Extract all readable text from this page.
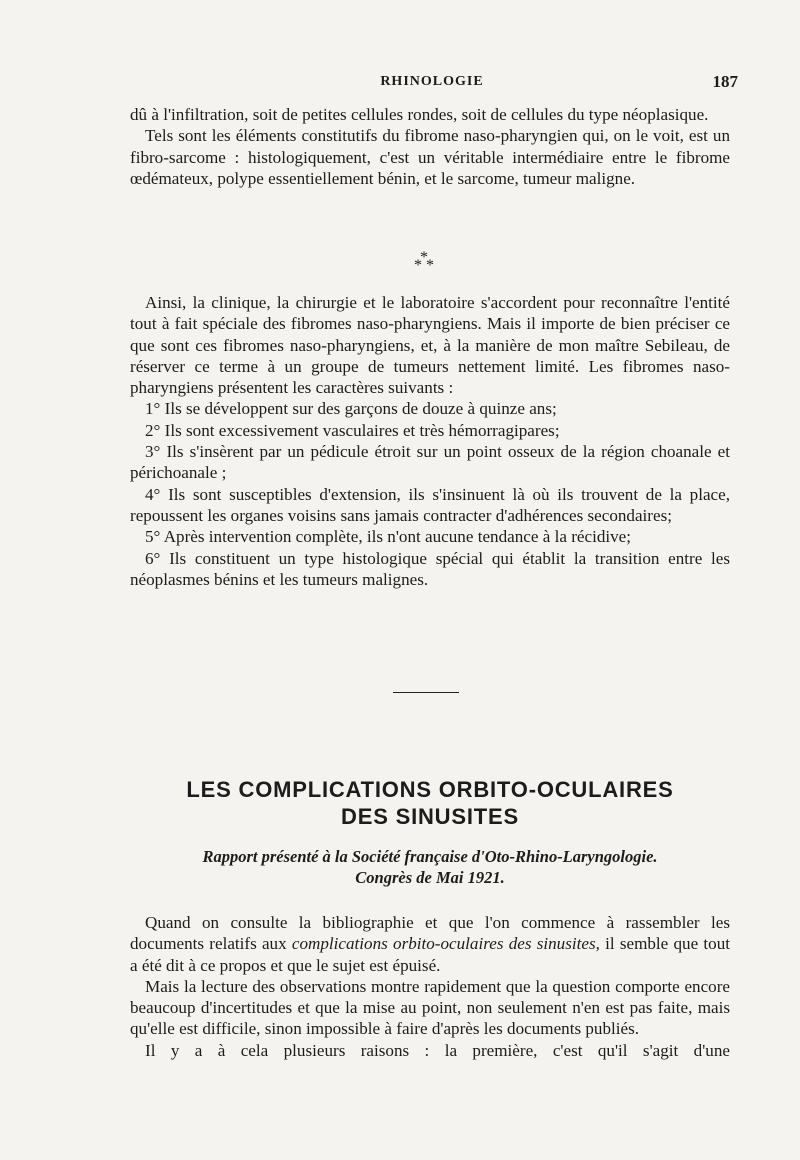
RHINOLOGIE	187

dû à l'infiltration, soit de petites cellules rondes, soit de cellules du type néoplasique.

Tels sont les éléments constitutifs du fibrome naso-pharyngien qui, on le voit, est un fibro-sarcome : histologiquement, c'est un véritable intermédiaire entre le fibrome œdémateux, polype essentiellement bénin, et le sarcome, tumeur maligne.

*
* *

Ainsi, la clinique, la chirurgie et le laboratoire s'accordent pour reconnaître l'entité tout à fait spéciale des fibromes naso-pharyngiens. Mais il importe de bien préciser ce que sont ces fibromes naso-pharyngiens, et, à la manière de mon maître Sebileau, de réserver ce terme à un groupe de tumeurs nettement limité. Les fibromes naso-pharyngiens présentent les caractères suivants :

1° Ils se développent sur des garçons de douze à quinze ans;

2° Ils sont excessivement vasculaires et très hémorragipares;

3° Ils s'insèrent par un pédicule étroit sur un point osseux de la région choanale et périchoanale ;

4° Ils sont susceptibles d'extension, ils s'insinuent là où ils trouvent de la place, repoussent les organes voisins sans jamais contracter d'adhérences secondaires;

5° Après intervention complète, ils n'ont aucune tendance à la récidive;

6° Ils constituent un type histologique spécial qui établit la transition entre les néoplasmes bénins et les tumeurs malignes.

LES COMPLICATIONS ORBITO-OCULAIRES
DES SINUSITES
Rapport présenté à la Société française d'Oto-Rhino-Laryngologie.
Congrès de Mai 1921.

Quand on consulte la bibliographie et que l'on commence à rassembler les documents relatifs aux complications orbito-oculaires des sinusites, il semble que tout a été dit à ce propos et que le sujet est épuisé.

Mais la lecture des observations montre rapidement que la question comporte encore beaucoup d'incertitudes et que la mise au point, non seulement n'en est pas faite, mais qu'elle est difficile, sinon impossible à faire d'après les documents publiés.

Il y a à cela plusieurs raisons : la première, c'est qu'il s'agit d'une
